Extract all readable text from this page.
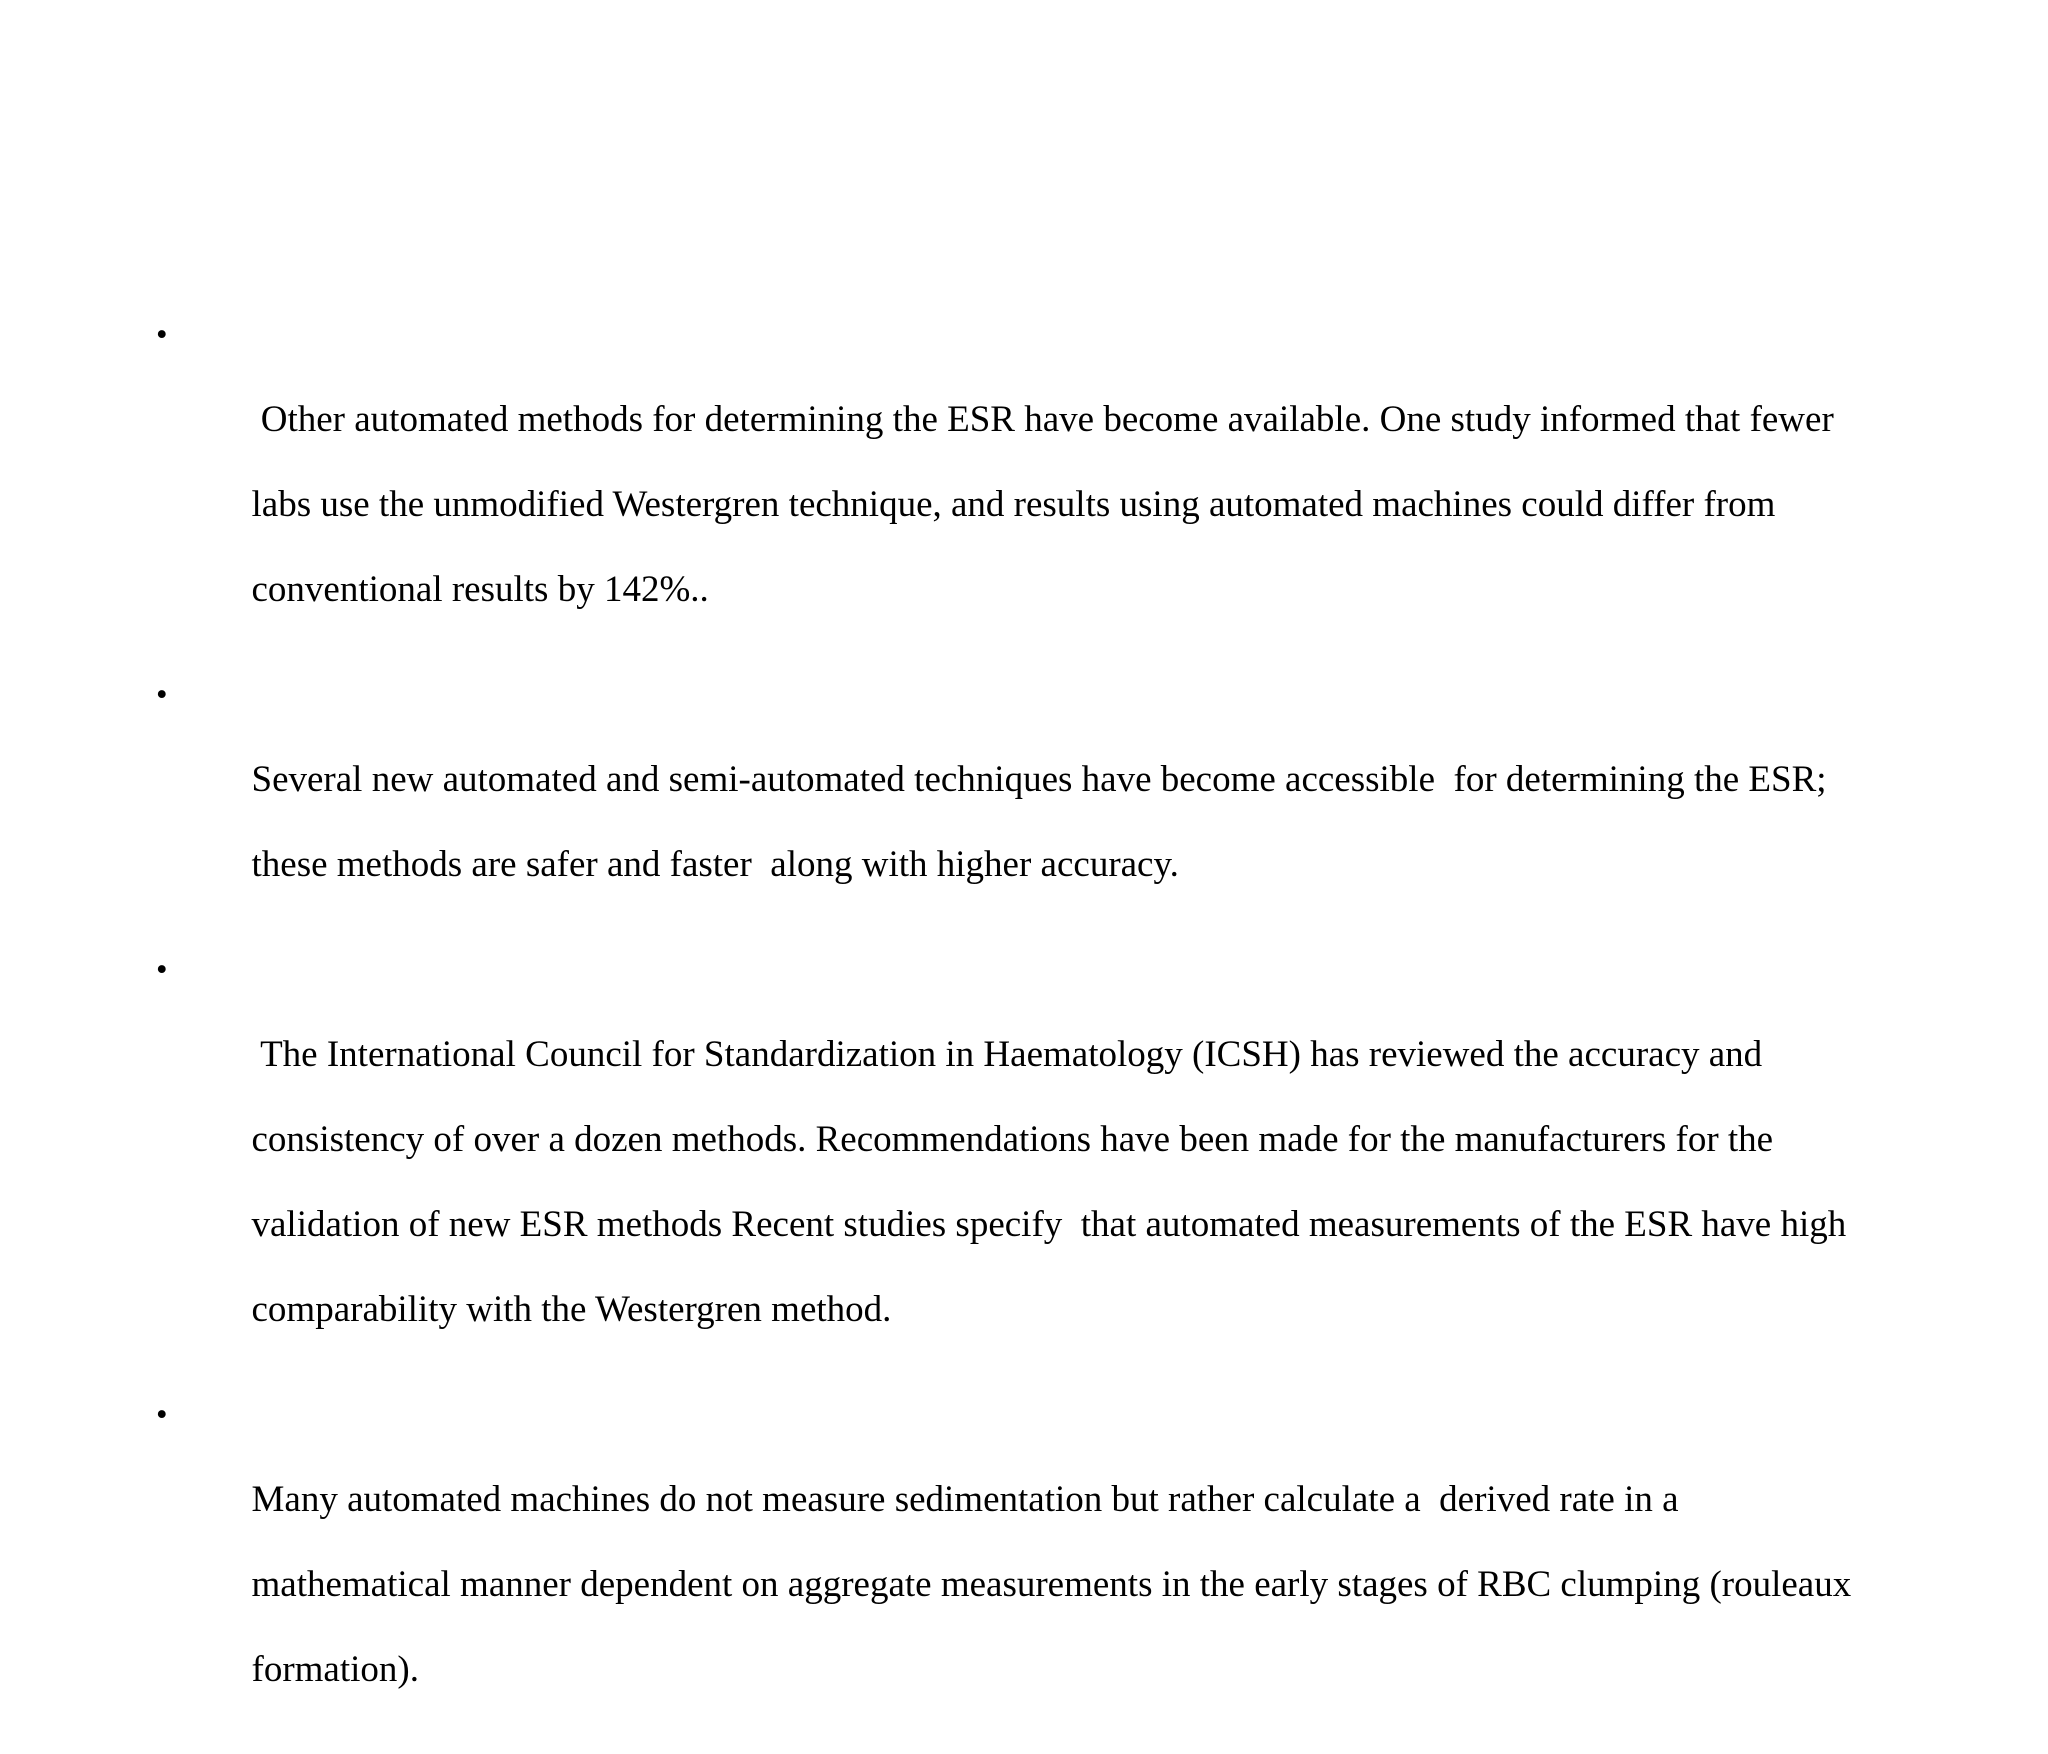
•

Other automated methods for determining the ESR have become available. One study informed that fewer

labs use the unmodified Westergren technique, and results using automated machines could differ from

conventional results by 142%..

•

Several new automated and semi-automated techniques have become accessible  for determining the ESR;

these methods are safer and faster  along with higher accuracy.

•

The International Council for Standardization in Haematology (ICSH) has reviewed the accuracy and

consistency of over a dozen methods. Recommendations have been made for the manufacturers for the

validation of new ESR methods Recent studies specify  that automated measurements of the ESR have high

comparability with the Westergren method.

•

Many automated machines do not measure sedimentation but rather calculate a  derived rate in a

mathematical manner dependent on aggregate measurements in the early stages of RBC clumping (rouleaux

formation).
